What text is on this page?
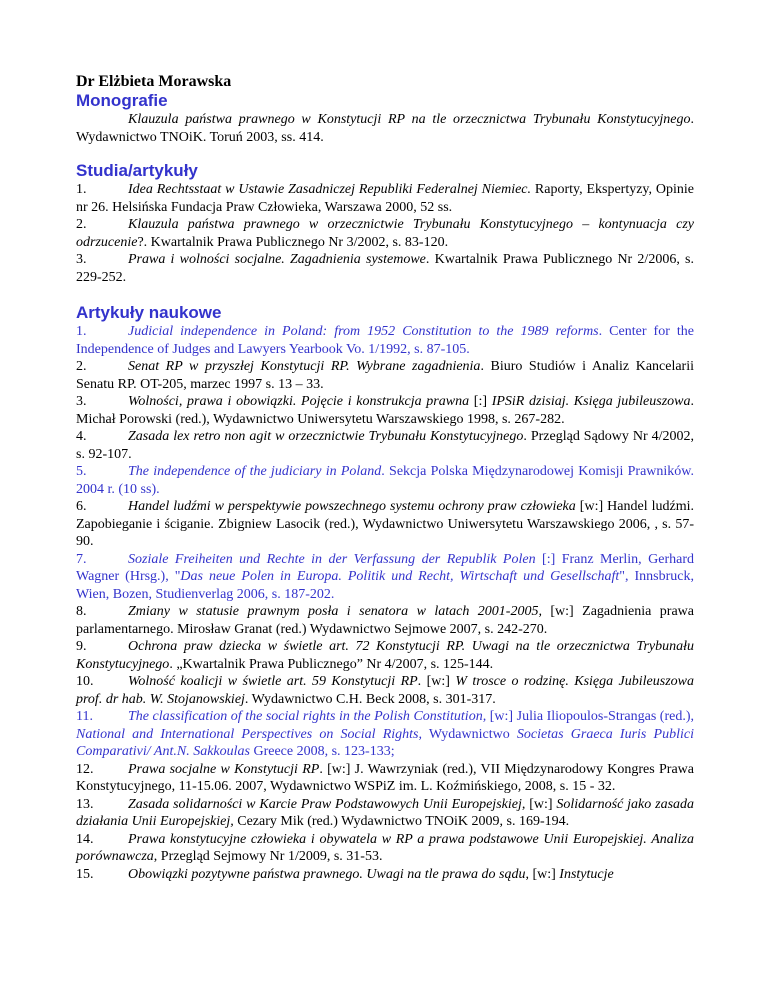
Dr Elżbieta Morawska
Monografie

Klauzula państwa prawnego w Konstytucji RP na tle orzecznictwa Trybunału Konstytucyjnego. Wydawnictwo TNOiK. Toruń 2003, ss. 414.

Studia/artykuły

1.	Idea Rechtsstaat w Ustawie Zasadniczej Republiki Federalnej Niemiec. Raporty, Ekspertyzy, Opinie nr 26. Helsińska Fundacja Praw Człowieka, Warszawa 2000, 52 ss.

2.	Klauzula państwa prawnego w orzecznictwie Trybunału Konstytucyjnego – kontynuacja czy odrzucenie?. Kwartalnik Prawa Publicznego Nr 3/2002, s. 83-120.

3.	Prawa i wolności socjalne. Zagadnienia systemowe. Kwartalnik Prawa Publicznego Nr 2/2006, s. 229-252.

Artykuły naukowe

1.	Judicial independence in Poland: from 1952 Constitution to the 1989 reforms. Center for the Independence of Judges and Lawyers Yearbook Vo. 1/1992, s. 87-105.

2.	Senat RP w przyszłej Konstytucji RP. Wybrane zagadnienia. Biuro Studiów i Analiz Kancelarii Senatu RP. OT-205, marzec 1997 s. 13 – 33.

3.	Wolności, prawa i obowiązki. Pojęcie i konstrukcja prawna [:] IPSiR dzisiaj. Księga jubileuszowa. Michał Porowski (red.), Wydawnictwo Uniwersytetu Warszawskiego 1998, s. 267-282.

4.	Zasada lex retro non agit w orzecznictwie Trybunału Konstytucyjnego. Przegląd Sądowy Nr 4/2002, s. 92-107.

5.	The independence of the judiciary in Poland. Sekcja Polska Międzynarodowej Komisji Prawników. 2004 r. (10 ss).

6.	Handel ludźmi w perspektywie powszechnego systemu ochrony praw człowieka [w:] Handel ludźmi. Zapobieganie i ściganie. Zbigniew Lasocik (red.), Wydawnictwo Uniwersytetu Warszawskiego 2006, , s. 57-90.

7.	Soziale Freiheiten und Rechte in der Verfassung der Republik Polen [:] Franz Merlin, Gerhard Wagner (Hrsg.), "Das neue Polen in Europa. Politik und Recht, Wirtschaft und Gesellschaft", Innsbruck, Wien, Bozen, Studienverlag 2006, s. 187-202.

8.	Zmiany w statusie prawnym posła i senatora w latach 2001-2005, [w:] Zagadnienia prawa parlamentarnego. Mirosław Granat (red.) Wydawnictwo Sejmowe 2007, s. 242-270.

9.	Ochrona praw dziecka w świetle art. 72 Konstytucji RP. Uwagi na tle orzecznictwa Trybunału Konstytucyjnego. „Kwartalnik Prawa Publicznego” Nr 4/2007, s. 125-144.

10. Wolność koalicji w świetle art. 59 Konstytucji RP. [w:] W trosce o rodzinę. Księga Jubileuszowa prof. dr hab. W. Stojanowskiej. Wydawnictwo C.H. Beck 2008, s. 301-317.

11.	The classification of the social rights in the Polish Constitution, [w:] Julia Iliopoulos-Strangas (red.), National and International Perspectives on Social Rights, Wydawnictwo Societas Graeca Iuris Publici Comparativi/ Ant.N. Sakkoulas Greece 2008, s. 123-133;

12. Prawa socjalne w Konstytucji RP. [w:] J. Wawrzyniak (red.), VII Międzynarodowy Kongres Prawa Konstytucyjnego, 11-15.06. 2007, Wydawnictwo WSPiZ im. L. Koźmińskiego, 2008, s. 15 - 32.

13. Zasada solidarności w Karcie Praw Podstawowych Unii Europejskiej, [w:] Solidarność jako zasada działania Unii Europejskiej, Cezary Mik (red.) Wydawnictwo TNOiK 2009, s. 169-194.

14. Prawa konstytucyjne człowieka i obywatela w RP a prawa podstawowe Unii Europejskiej. Analiza porównawcza, Przegląd Sejmowy Nr 1/2009, s. 31-53.

15. Obowiązki pozytywne państwa prawnego. Uwagi na tle prawa do sądu, [w:] Instytucje
